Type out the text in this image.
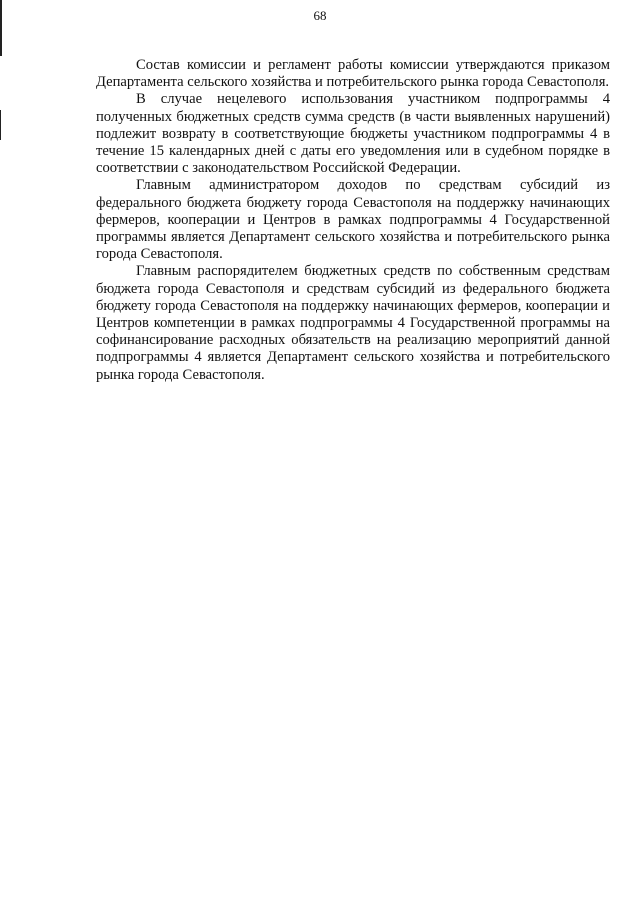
68

Состав комиссии и регламент работы комиссии утверждаются приказом Департамента сельского хозяйства и потребительского рынка города Севастополя.

В случае нецелевого использования участником подпрограммы 4 полученных бюджетных средств сумма средств (в части выявленных нарушений) подлежит возврату в соответствующие бюджеты участником подпрограммы 4 в течение 15 календарных дней с даты его уведомления или в судебном порядке в соответствии с законодательством Российской Федерации.

Главным администратором доходов по средствам субсидий из федерального бюджета бюджету города Севастополя на поддержку начинающих фермеров, кооперации и Центров в рамках подпрограммы 4 Государственной программы является Департамент сельского хозяйства и потребительского рынка города Севастополя.

Главным распорядителем бюджетных средств по собственным средствам бюджета города Севастополя и средствам субсидий из федерального бюджета бюджету города Севастополя на поддержку начинающих фермеров, кооперации и Центров компетенции в рамках подпрограммы 4 Государственной программы на софинансирование расходных обязательств на реализацию мероприятий данной подпрограммы 4 является Департамент сельского хозяйства и потребительского рынка города Севастополя.
